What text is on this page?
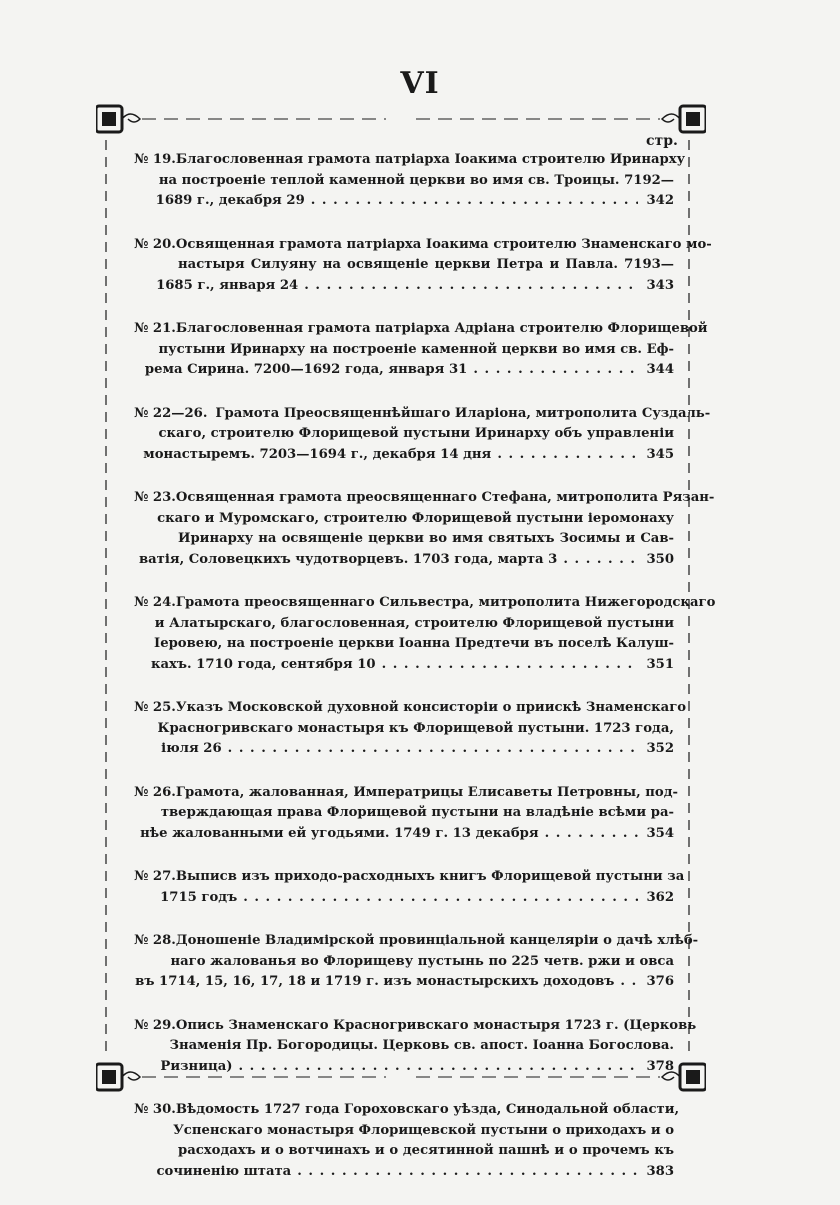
VI
стр.
№ 19. Благословенная грамота патріарха Іоакима строителю Иринарху
на построеніе теплой каменной церкви во имя св. Троицы. 7192—
1689 г., декабря 29 . . .	342
№ 20. Освященная грамота патріарха Іоакима строителю Знаменскаго мо-
настыря Силуяну на освященіе церкви Петра и Павла. 7193—
1685 г., января 24 . . .	343
№ 21. Благословенная грамота патріарха Адріана строителю Флорищевой
пустыни Иринарху на построеніе каменной церкви во имя св. Еф-
рема Сирина. 7200—1692 года, января 31 . . .	344
№ 22—26. Грамота Преосвященнѣйшаго Иларіона, митрополита Суздаль-
скаго, строителю Флорищевой пустыни Иринарху объ управленіи
монастыремъ. 7203—1694 г., декабря 14 дня . . .	345
№ 23. Освященная грамота преосвященнаго Стефана, митрополита Рязан-
скаго и Муромскаго, строителю Флорищевой пустыни іеромонаху
Иринарху на освященіе церкви во имя святыхъ Зосимы и Сав-
ватія, Соловецкихъ чудотворцевъ. 1703 года, марта 3 . . .	350
№ 24. Грамота преосвященнаго Сильвестра, митрополита Нижегородскаго
и Алатырскаго, благословенная, строителю Флорищевой пустыни
Іеровею, на построеніе церкви Іоанна Предтечи въ поселѣ Калуш-
кахъ. 1710 года, сентября 10 . . .	351
№ 25. Указъ Московской духовной консисторіи о приискѣ Знаменскаго
Красногривскаго монастыря къ Флорищевой пустыни. 1723 года,
іюля 26 . . .	352
№ 26. Грамота, жалованная, Императрицы Елисаветы Петровны, под-
тверждающая права Флорищевой пустыни на владѣніе всѣми ра-
нѣе жалованными ей угодьями. 1749 г. 13 декабря . . .	354
№ 27. Выписв изъ приходо-расходныхъ книгъ Флорищевой пустыни за
1715 годъ . . .	362
№ 28. Доношеніе Владимірской провинціальной канцеляріи о дачѣ хлѣб-
наго жалованья во Флорищеву пустынь по 225 четв. ржи и овса
въ 1714, 15, 16, 17, 18 и 1719 г. изъ монастырскихъ доходовъ . . . 376
№ 29. Опись Знаменскаго Красногривскаго монастыря 1723 г. (Церковь
Знаменія Пр. Богородицы. Церковь св. апост. Іоанна Богослова.
Ризница) . . .	378
№ 30. Вѣдомость 1727 года Гороховскаго уѣзда, Синодальной области,
Успенскаго монастыря Флорищевской пустыни о приходахъ и о
расходахъ и о вотчинахъ и о десятинной пашнѣ и о прочемъ къ
сочиненію штата . . .	383
